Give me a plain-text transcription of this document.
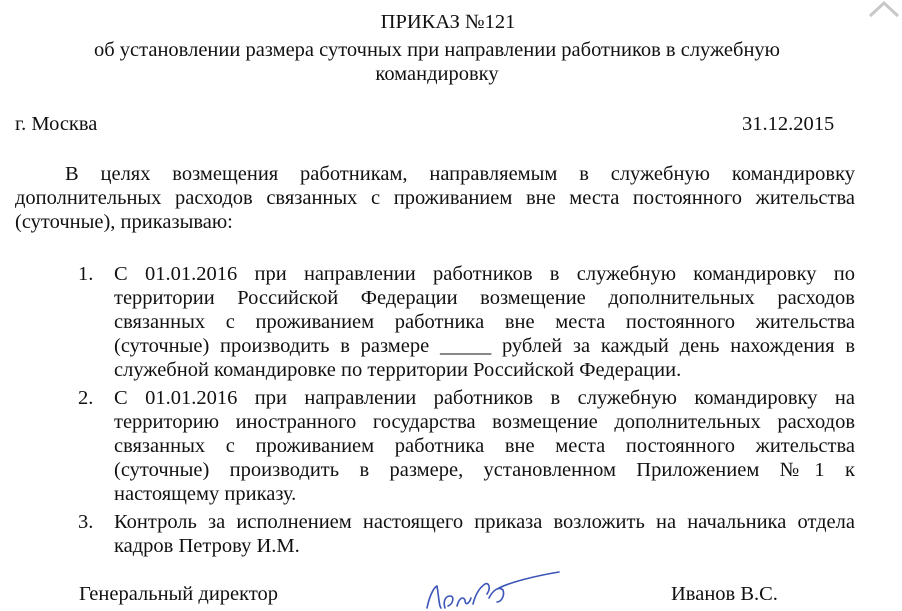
ПРИКАЗ №121
об установлении размера суточных при направлении работников в служебную
командировку
г. Москва	31.12.2015
В целях возмещения работникам, направляемым в служебную командировку
дополнительных расходов связанных с проживанием вне места постоянного жительства
(суточные), приказываю:
1. С 01.01.2016 при направлении работников в служебную командировку по
территории Российской Федерации возмещение дополнительных расходов
связанных с проживанием работника вне места постоянного жительства
(суточные) производить в размере _____ рублей за каждый день нахождения в
служебной командировке по территории Российской Федерации.
2. С 01.01.2016 при направлении работников в служебную командировку на
территорию иностранного государства возмещение дополнительных расходов
связанных с проживанием работника вне места постоянного жительства
(суточные) производить в размере, установленном Приложением №1 к
настоящему приказу.
3. Контроль за исполнением настоящего приказа возложить на начальника отдела
кадров Петрову И.М.
Генеральный директор	Иванов В.С.
